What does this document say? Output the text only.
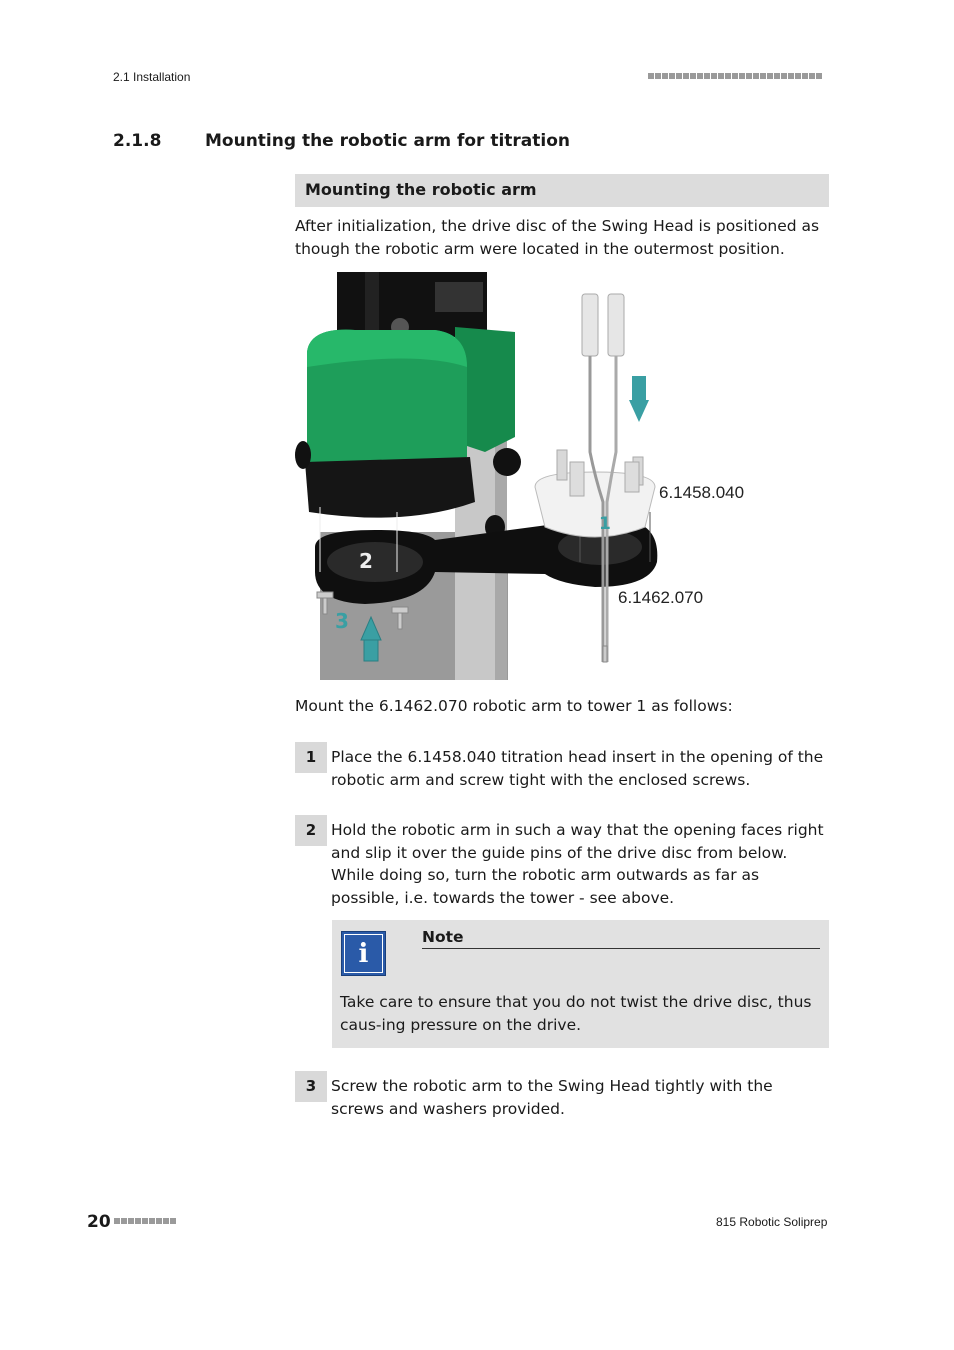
2.1 Installation
2.1.8	Mounting the robotic arm for titration
Mounting the robotic arm
After initialization, the drive disc of the Swing Head is positioned as though the robotic arm were located in the outermost position.
6.1458.040
6.1462.070
1
2
3
Mount the 6.1462.070 robotic arm to tower 1 as follows:
1 Place the 6.1458.040 titration head insert in the opening of the robotic arm and screw tight with the enclosed screws.
2 Hold the robotic arm in such a way that the opening faces right and slip it over the guide pins of the drive disc from below. While doing so, turn the robotic arm outwards as far as possible, i.e. towards the tower - see above.
i
Note
Take care to ensure that you do not twist the drive disc, thus caus-ing pressure on the drive.
3 Screw the robotic arm to the Swing Head tightly with the screws and washers provided.
20	815 Robotic Soliprep
